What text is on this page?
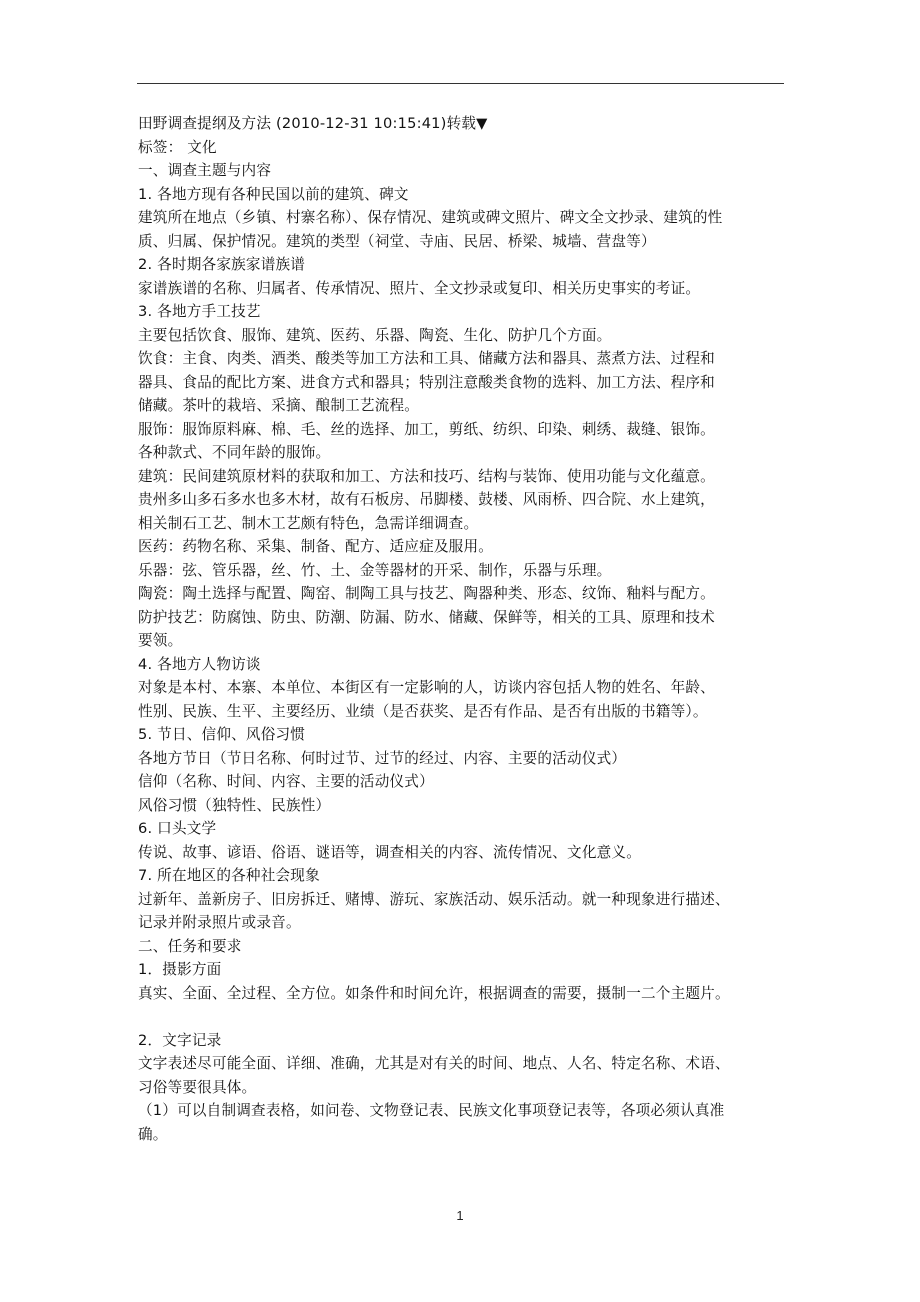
田野调查提纲及方法 (2010-12-31 10:15:41)转载▼
标签： 文化
一、调查主题与内容
1. 各地方现有各种民国以前的建筑、碑文
建筑所在地点（乡镇、村寨名称）、保存情况、建筑或碑文照片、碑文全文抄录、建筑的性
质、归属、保护情况。建筑的类型（祠堂、寺庙、民居、桥梁、城墙、营盘等）
2. 各时期各家族家谱族谱
家谱族谱的名称、归属者、传承情况、照片、全文抄录或复印、相关历史事实的考证。
3. 各地方手工技艺
主要包括饮食、服饰、建筑、医药、乐器、陶瓷、生化、防护几个方面。
饮食：主食、肉类、酒类、酸类等加工方法和工具、储藏方法和器具、蒸煮方法、过程和
器具、食品的配比方案、进食方式和器具；特别注意酸类食物的选料、加工方法、程序和
储藏。茶叶的栽培、采摘、酿制工艺流程。
服饰：服饰原料麻、棉、毛、丝的选择、加工，剪纸、纺织、印染、刺绣、裁缝、银饰。
各种款式、不同年龄的服饰。
建筑：民间建筑原材料的获取和加工、方法和技巧、结构与装饰、使用功能与文化蕴意。
贵州多山多石多水也多木材，故有石板房、吊脚楼、鼓楼、风雨桥、四合院、水上建筑，
相关制石工艺、制木工艺颇有特色，急需详细调查。
医药：药物名称、采集、制备、配方、适应症及服用。
乐器：弦、管乐器，丝、竹、土、金等器材的开采、制作，乐器与乐理。
陶瓷：陶土选择与配置、陶窑、制陶工具与技艺、陶器种类、形态、纹饰、釉料与配方。
防护技艺：防腐蚀、防虫、防潮、防漏、防水、储藏、保鲜等，相关的工具、原理和技术
要领。
4. 各地方人物访谈
对象是本村、本寨、本单位、本街区有一定影响的人，访谈内容包括人物的姓名、年龄、
性别、民族、生平、主要经历、业绩（是否获奖、是否有作品、是否有出版的书籍等）。
5. 节日、信仰、风俗习惯
各地方节日（节日名称、何时过节、过节的经过、内容、主要的活动仪式）
信仰（名称、时间、内容、主要的活动仪式）
风俗习惯（独特性、民族性）
6. 口头文学
传说、故事、谚语、俗语、谜语等，调查相关的内容、流传情况、文化意义。
7. 所在地区的各种社会现象
过新年、盖新房子、旧房拆迁、赌博、游玩、家族活动、娱乐活动。就一种现象进行描述、
记录并附录照片或录音。
二、任务和要求
1．摄影方面
真实、全面、全过程、全方位。如条件和时间允许，根据调查的需要，摄制一二个主题片。
2．文字记录
文字表述尽可能全面、详细、准确，尤其是对有关的时间、地点、人名、特定名称、术语、
习俗等要很具体。
（1）可以自制调查表格，如问卷、文物登记表、民族文化事项登记表等，各项必须认真准
确。
1
